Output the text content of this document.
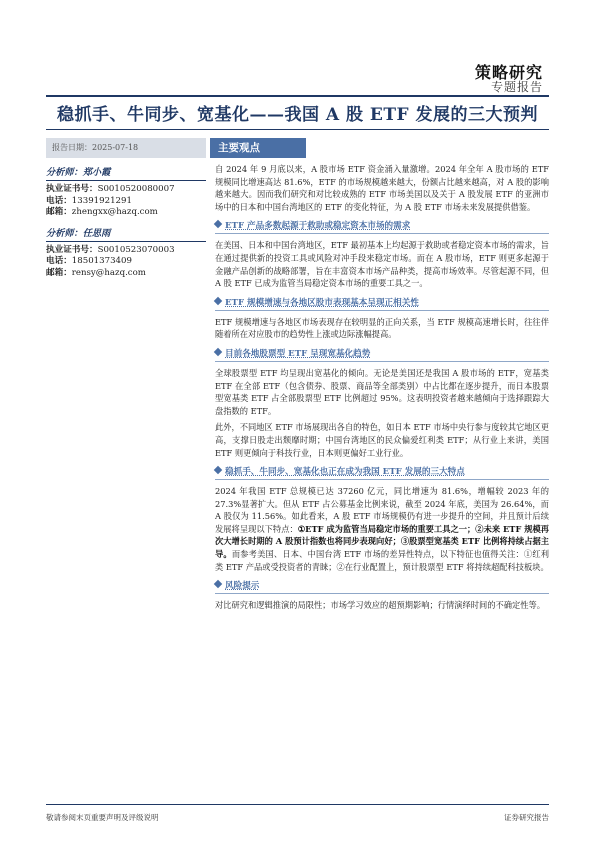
策略研究
专题报告
稳抓手、牛同步、宽基化——我国 A 股 ETF 发展的三大预判
报告日期：2025-07-18
分析师：郑小霞
执业证书号：S0010520080007
电话：13391921291
邮箱：zhengxx@hazq.com
分析师：任思雨
执业证书号：S0010523070003
电话：18501373409
邮箱：rensy@hazq.com
主要观点

自 2024 年 9 月底以来，A 股市场 ETF 资金涌入量激增。2024 年全年 A 股市场的 ETF 规模同比增速高达 81.6%，ETF 的市场规模越来越大，份额占比越来越高，对 A 股的影响越来越大。因而我们研究和对比较成熟的 ETF 市场美国以及关于 A 股发展 ETF 的亚洲市场中的日本和中国台湾地区的 ETF 的变化特征，为 A 股 ETF 市场未来发展提供借鉴。

ETF 产品多数起源于救助或稳定资本市场的需求

在美国、日本和中国台湾地区，ETF 最初基本上均起源于救助或者稳定资本市场的需求，旨在通过提供新的投资工具或风险对冲手段来稳定市场。而在 A 股市场，ETF 则更多起源于金融产品创新的战略部署，旨在丰富资本市场产品种类，提高市场效率。尽管起源不同，但 A 股 ETF 已成为监管当局稳定资本市场的重要工具之一。

ETF 规模增速与各地区股市表现基本呈现正相关性

ETF 规模增速与各地区市场表现存在较明显的正向关系，当 ETF 规模高速增长时，往往伴随着所在对应股市的趋势性上涨或边际涨幅提高。

目前各地股票型 ETF 呈现宽基化趋势

全球股票型 ETF 均呈现出宽基化的倾向。无论是美国还是我国 A 股市场的 ETF，宽基类 ETF 在全部 ETF（包含债券、股票、商品等全部类别）中占比都在逐步提升，而日本股票型宽基类 ETF 占全部股票型 ETF 比例超过 95%。这表明投资者越来越倾向于选择跟踪大盘指数的 ETF。

此外，不同地区 ETF 市场展现出各自的特色，如日本 ETF 市场中央行参与度较其它地区更高，支撑日股走出颓靡时期；中国台湾地区的民众偏爱红利类 ETF；从行业上来讲，美国 ETF 则更倾向于科技行业，日本则更偏好工业行业。

稳抓手、牛同步、宽基化也正在成为我国 ETF 发展的三大特点

2024 年我国 ETF 总规模已达 37260 亿元，同比增速为 81.6%，增幅较 2023 年的 27.3%显著扩大。但从 ETF 占公募基金比例来说，截至 2024 年底，美国为 26.64%，而 A 股仅为 11.56%。如此看来，A 股 ETF 市场规模仍有进一步提升的空间，并且预计后续发展将呈现以下特点：①ETF 成为监管当局稳定市场的重要工具之一；②未来 ETF 规模再次大增长时期的 A 股预计指数也将同步表现向好；③股票型宽基类 ETF 比例将持续占据主导。而参考美国、日本、中国台湾 ETF 市场的差异性特点，以下特征也值得关注：①红利类 ETF 产品或受投资者的青睐；②在行业配置上，预计股票型 ETF 将持续超配科技板块。

风险提示

对比研究和逻辑推演的局限性；市场学习效应的超预期影响；行情演绎时间的不确定性等。

敬请参阅末页重要声明及评级说明	证券研究报告
